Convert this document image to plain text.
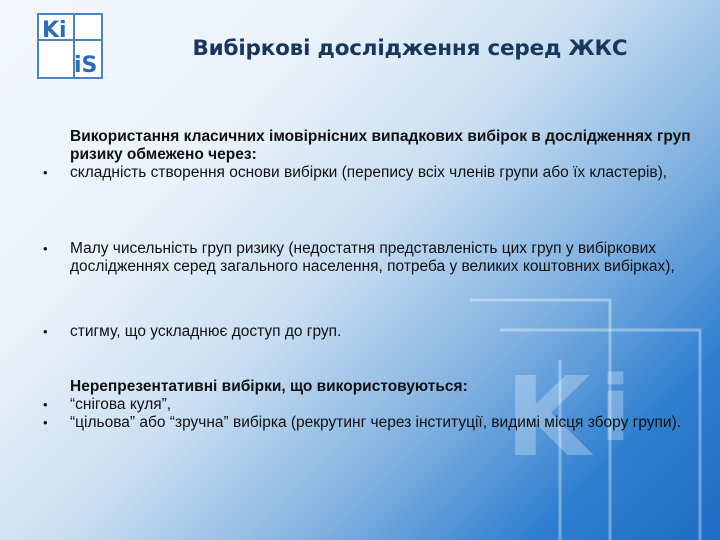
K i
Ki
iS
Вибіркові дослідження серед ЖКС
Використання класичних імовірнісних випадкових вибірок в дослідженнях груп ризику обмежено через:
• складність створення основи вибірки (перепису всіх членів групи або їх кластерів),
• Малу чисельність груп ризику (недостатня представленість цих груп у вибіркових дослідженнях серед загального населення, потреба у великих коштовних вибірках),
• стигму, що ускладнює доступ до груп.
Нерепрезентативні вибірки, що використовуються:
• “снігова куля”,
• “цільова” або “зручна” вибірка (рекрутинг через інституції, видимі місця збору групи).
